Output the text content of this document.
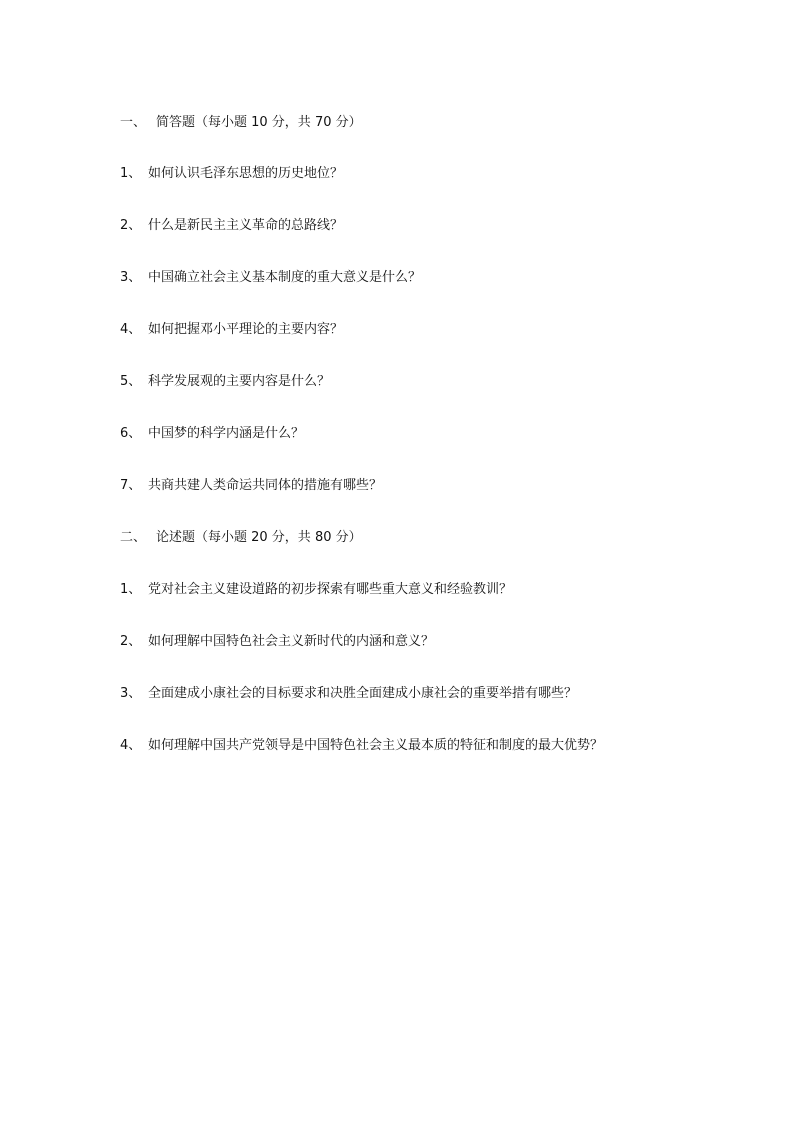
一、 简答题（每小题 10 分，共 70 分）
1、 如何认识毛泽东思想的历史地位？
2、 什么是新民主主义革命的总路线？
3、 中国确立社会主义基本制度的重大意义是什么？
4、 如何把握邓小平理论的主要内容？
5、 科学发展观的主要内容是什么？
6、 中国梦的科学内涵是什么？
7、 共商共建人类命运共同体的措施有哪些？
二、 论述题（每小题 20 分，共 80 分）
1、 党对社会主义建设道路的初步探索有哪些重大意义和经验教训？
2、 如何理解中国特色社会主义新时代的内涵和意义？
3、 全面建成小康社会的目标要求和决胜全面建成小康社会的重要举措有哪些？
4、 如何理解中国共产党领导是中国特色社会主义最本质的特征和制度的最大优势？
